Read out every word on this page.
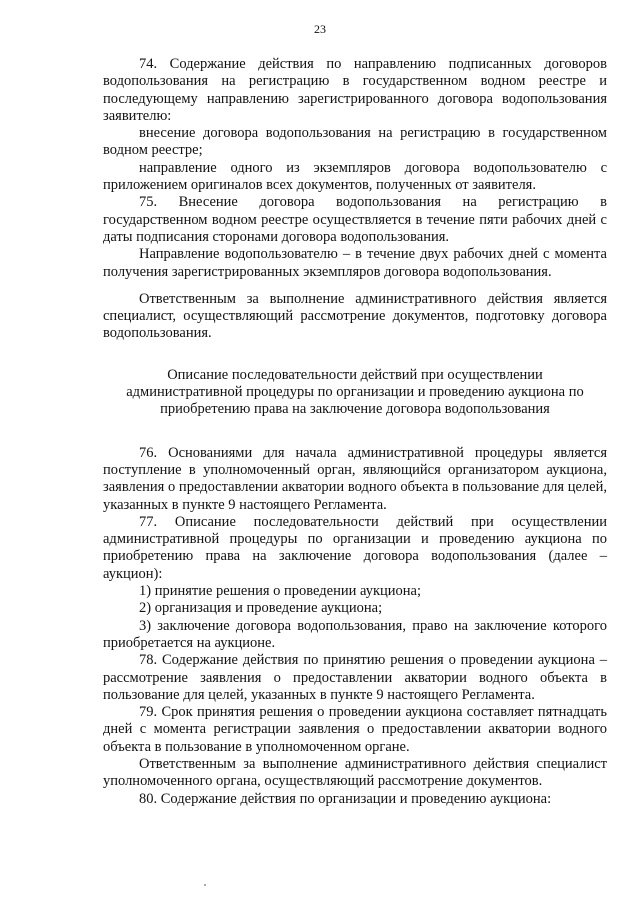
23

74. Содержание действия по направлению подписанных договоров водопользования на регистрацию в государственном водном реестре и последующему направлению зарегистрированного договора водопользования заявителю:

внесение договора водопользования на регистрацию в государственном водном реестре;

направление одного из экземпляров договора водопользователю с приложением оригиналов всех документов, полученных от заявителя.

75. Внесение договора водопользования на регистрацию в государственном водном реестре осуществляется в течение пяти рабочих дней с даты подписания сторонами договора водопользования.

Направление водопользователю – в течение двух рабочих дней с момента получения зарегистрированных экземпляров договора водопользования.

Ответственным за выполнение административного действия является специалист, осуществляющий рассмотрение документов, подготовку договора водопользования.

Описание последовательности действий при осуществлении
административной процедуры по организации и проведению аукциона по
приобретению права на заключение договора водопользования

76. Основаниями для начала административной процедуры является поступление в уполномоченный орган, являющийся организатором аукциона, заявления о предоставлении акватории водного объекта в пользование для целей, указанных в пункте 9 настоящего Регламента.

77. Описание последовательности действий при осуществлении административной процедуры по организации и проведению аукциона по приобретению права на заключение договора водопользования (далее – аукцион):

1) принятие решения о проведении аукциона;

2) организация и проведение аукциона;

3) заключение договора водопользования, право на заключение которого приобретается на аукционе.

78. Содержание действия по принятию решения о проведении аукциона – рассмотрение заявления о предоставлении акватории водного объекта в пользование для целей, указанных в пункте 9 настоящего Регламента.

79. Срок принятия решения о проведении аукциона составляет пятнадцать дней с момента регистрации заявления о предоставлении акватории водного объекта в пользование в уполномоченном органе.

Ответственным за выполнение административного действия специалист уполномоченного органа, осуществляющий рассмотрение документов.

80. Содержание действия по организации и проведению аукциона:
